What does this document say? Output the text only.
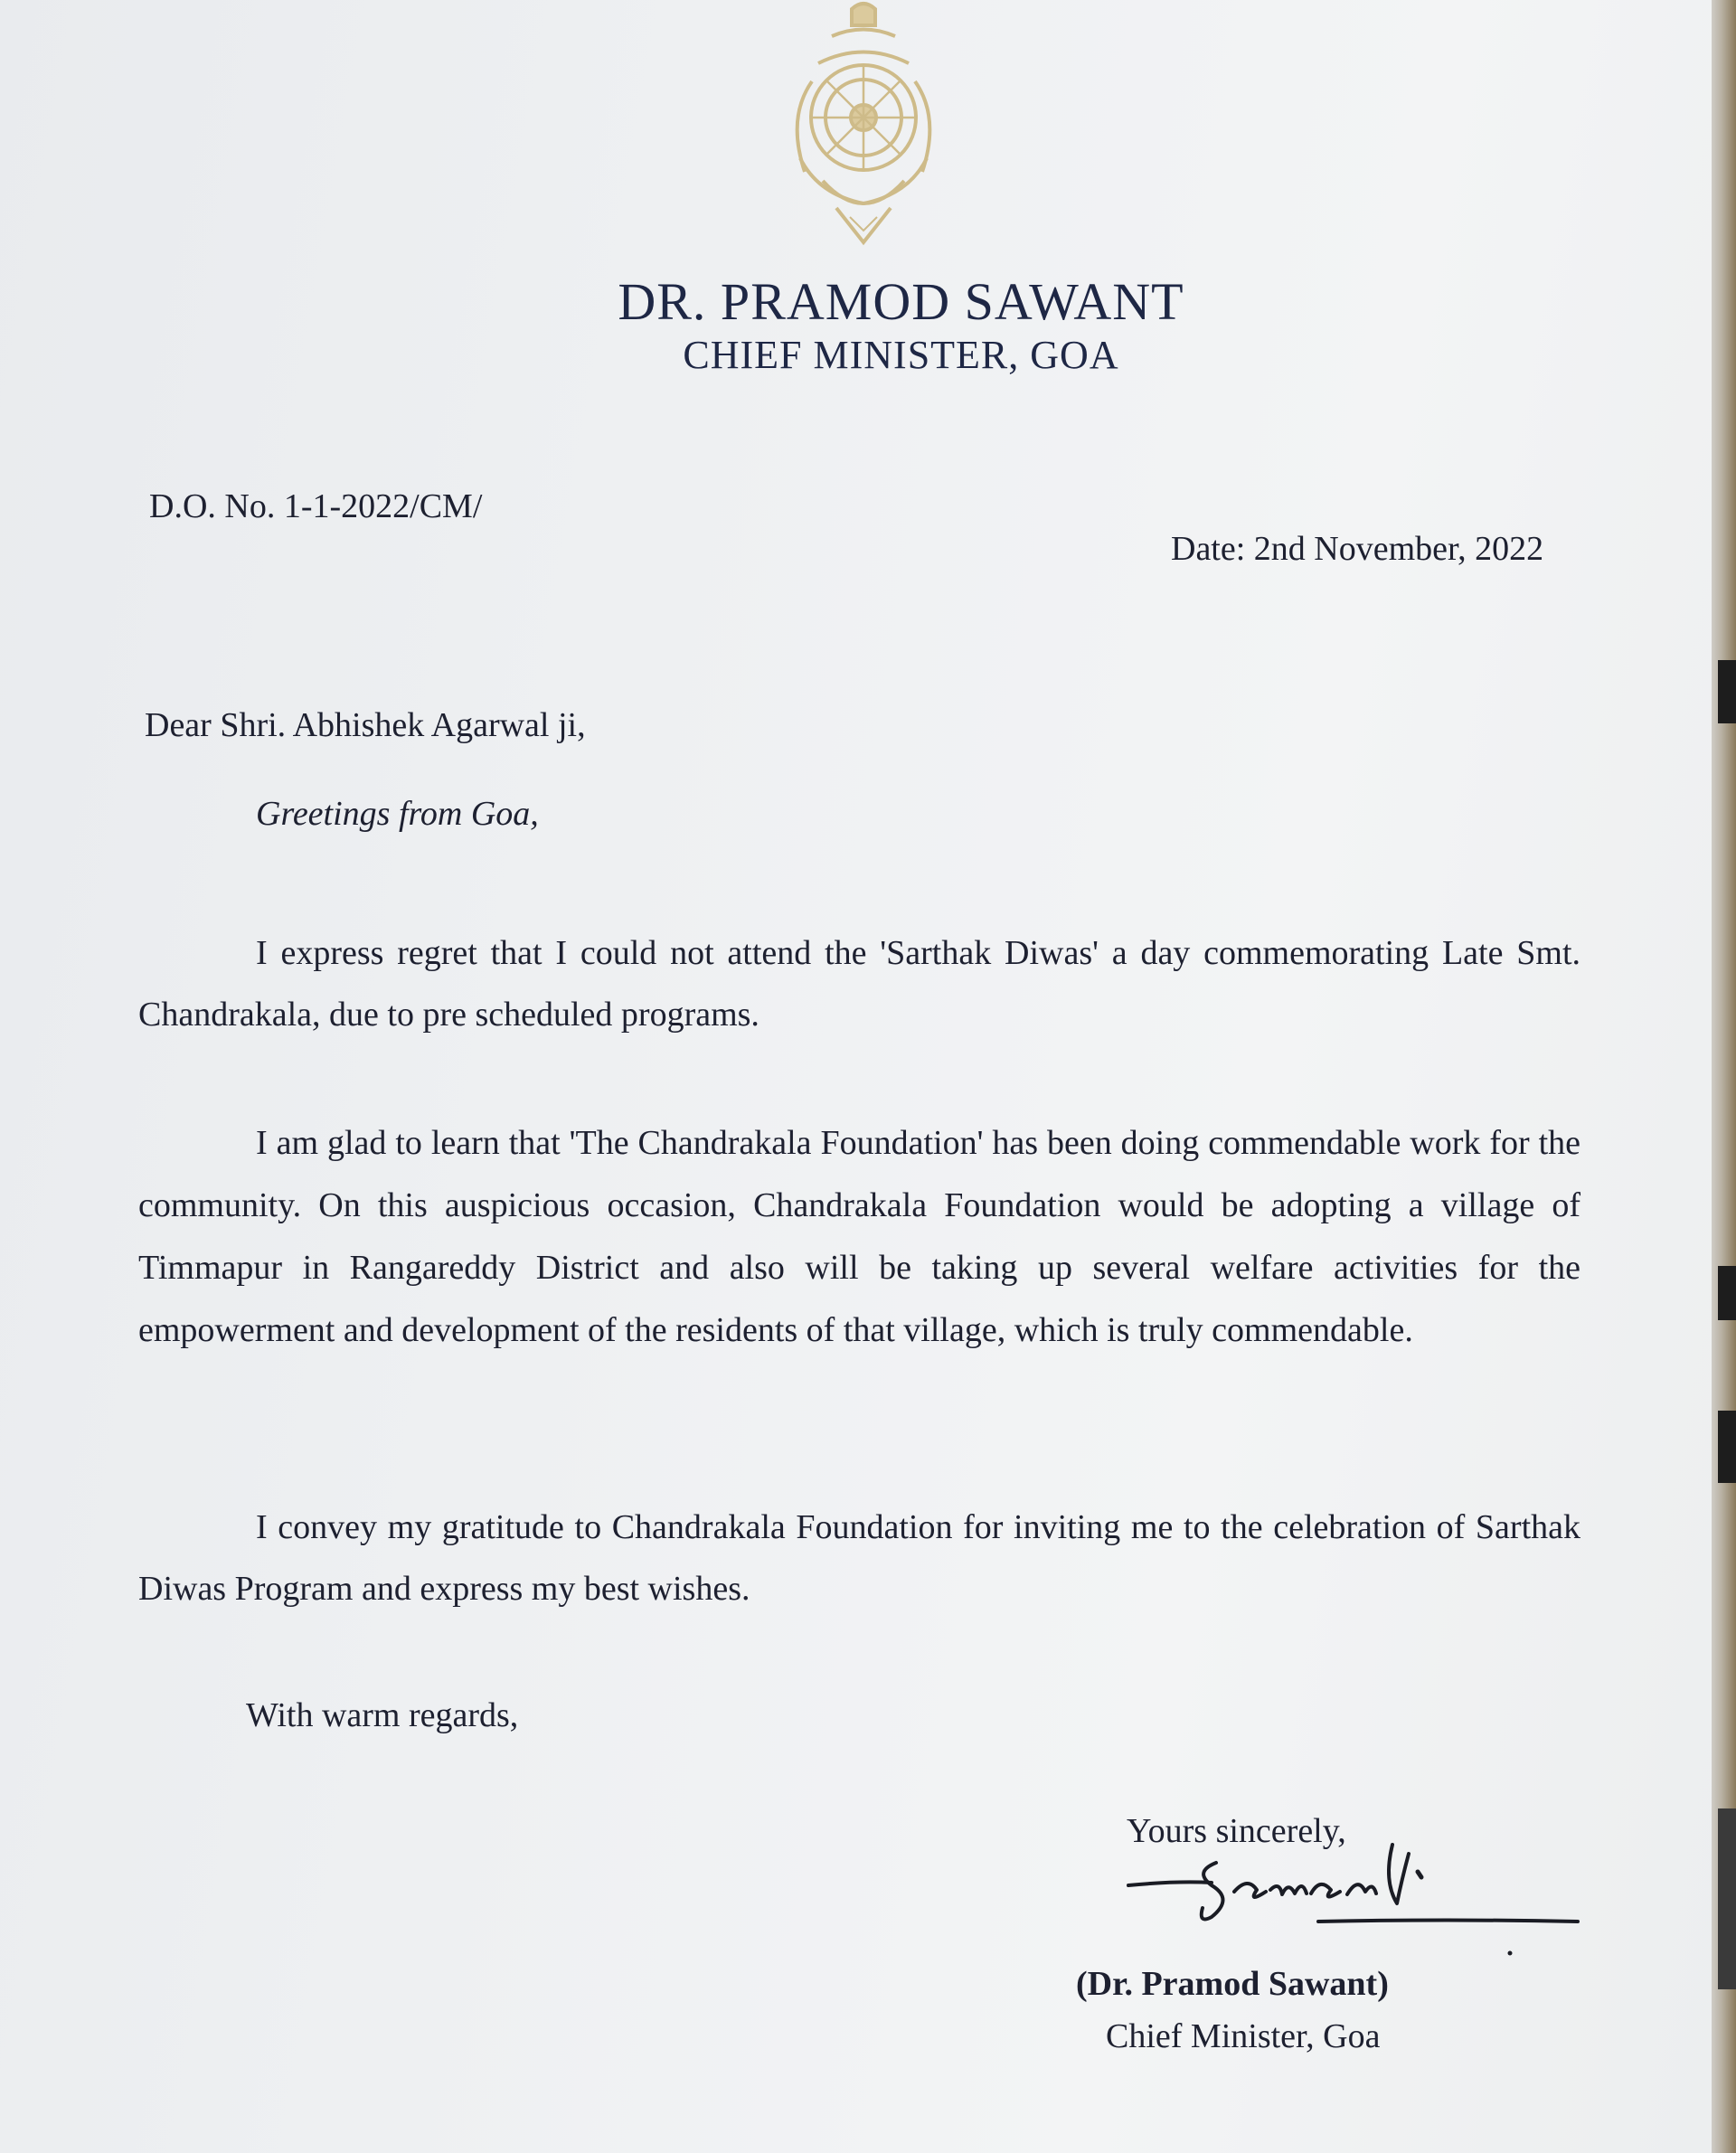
DR. PRAMOD SAWANT
CHIEF MINISTER, GOA
D.O. No. 1-1-2022/CM/
Date: 2nd November, 2022
Dear Shri. Abhishek Agarwal ji,
Greetings from Goa,
I express regret that I could not attend the 'Sarthak Diwas' a day commemorating Late Smt. Chandrakala, due to pre scheduled programs.
I am glad to learn that 'The Chandrakala Foundation' has been doing commendable work for the community. On this auspicious occasion, Chandrakala Foundation would be adopting a village of Timmapur in Rangareddy District and also will be taking up several welfare activities for the empowerment and development of the residents of that village, which is truly commendable.
I convey my gratitude to Chandrakala Foundation for inviting me to the celebration of Sarthak Diwas Program and express my best wishes.
With warm regards,
Yours sincerely,
(Dr. Pramod Sawant)
Chief Minister, Goa
